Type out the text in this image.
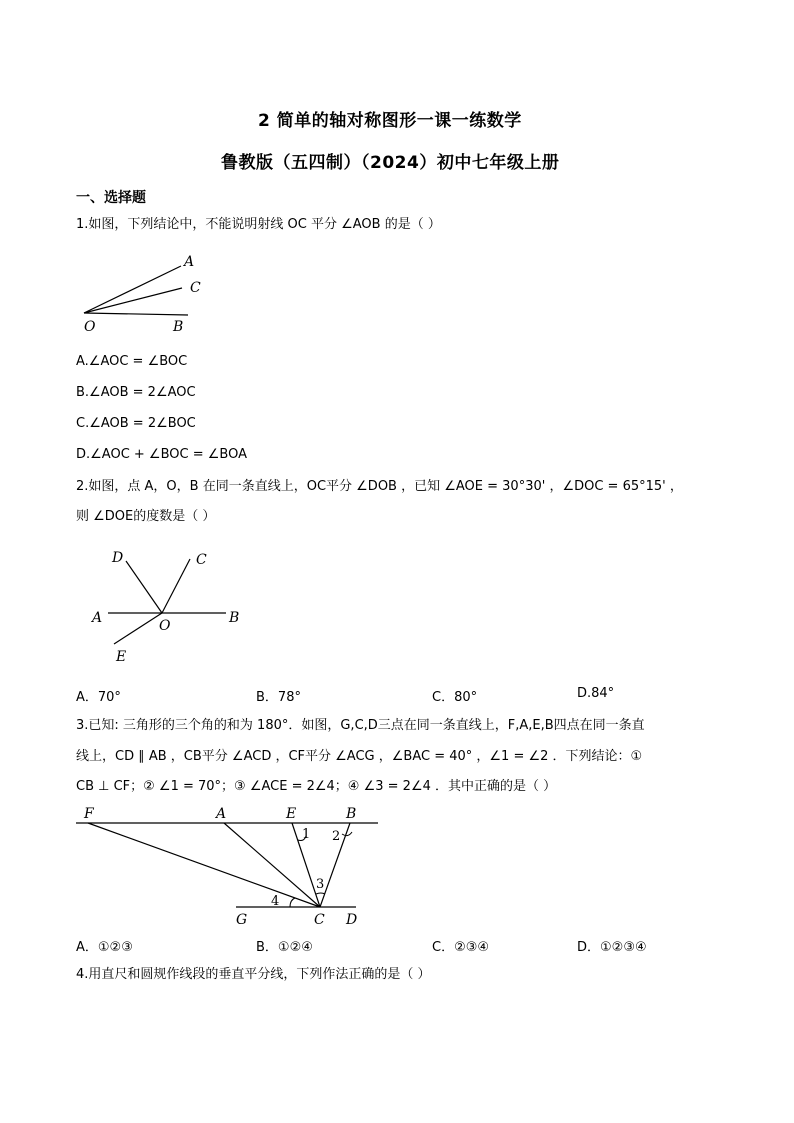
2 简单的轴对称图形一课一练数学
鲁教版（五四制）（2024）初中七年级上册
一、选择题
1.如图，下列结论中，不能说明射线 OC 平分 ∠AOB 的是（ ）
A
C
O	B
A.∠AOC = ∠BOC
B.∠AOB = 2∠AOC
C.∠AOB = 2∠BOC
D.∠AOC + ∠BOC = ∠BOA
2.如图，点 A，O，B 在同一条直线上，OC平分 ∠DOB ，已知 ∠AOE = 30°30' ，∠DOC = 65°15' ，
则 ∠DOE的度数是（ ）
D	C
A	O	B
E
A．70°	B．78°	C．80°	D.84°
3.已知: 三角形的三个角的和为 180°．如图，G,C,D三点在同一条直线上，F,A,E,B四点在同一条直
线上，CD ∥ AB ，CB平分 ∠ACD ，CF平分 ∠ACG ，∠BAC = 40° ，∠1 = ∠2 ．下列结论：①
CB ⊥ CF；② ∠1 = 70°；③ ∠ACE = 2∠4；④ ∠3 = 2∠4 ．其中正确的是（ ）
F	A	E	B
1 2
3
4
G	C D
A．①②③	B．①②④	C．②③④	D．①②③④
4.用直尺和圆规作线段的垂直平分线，下列作法正确的是（ ）
